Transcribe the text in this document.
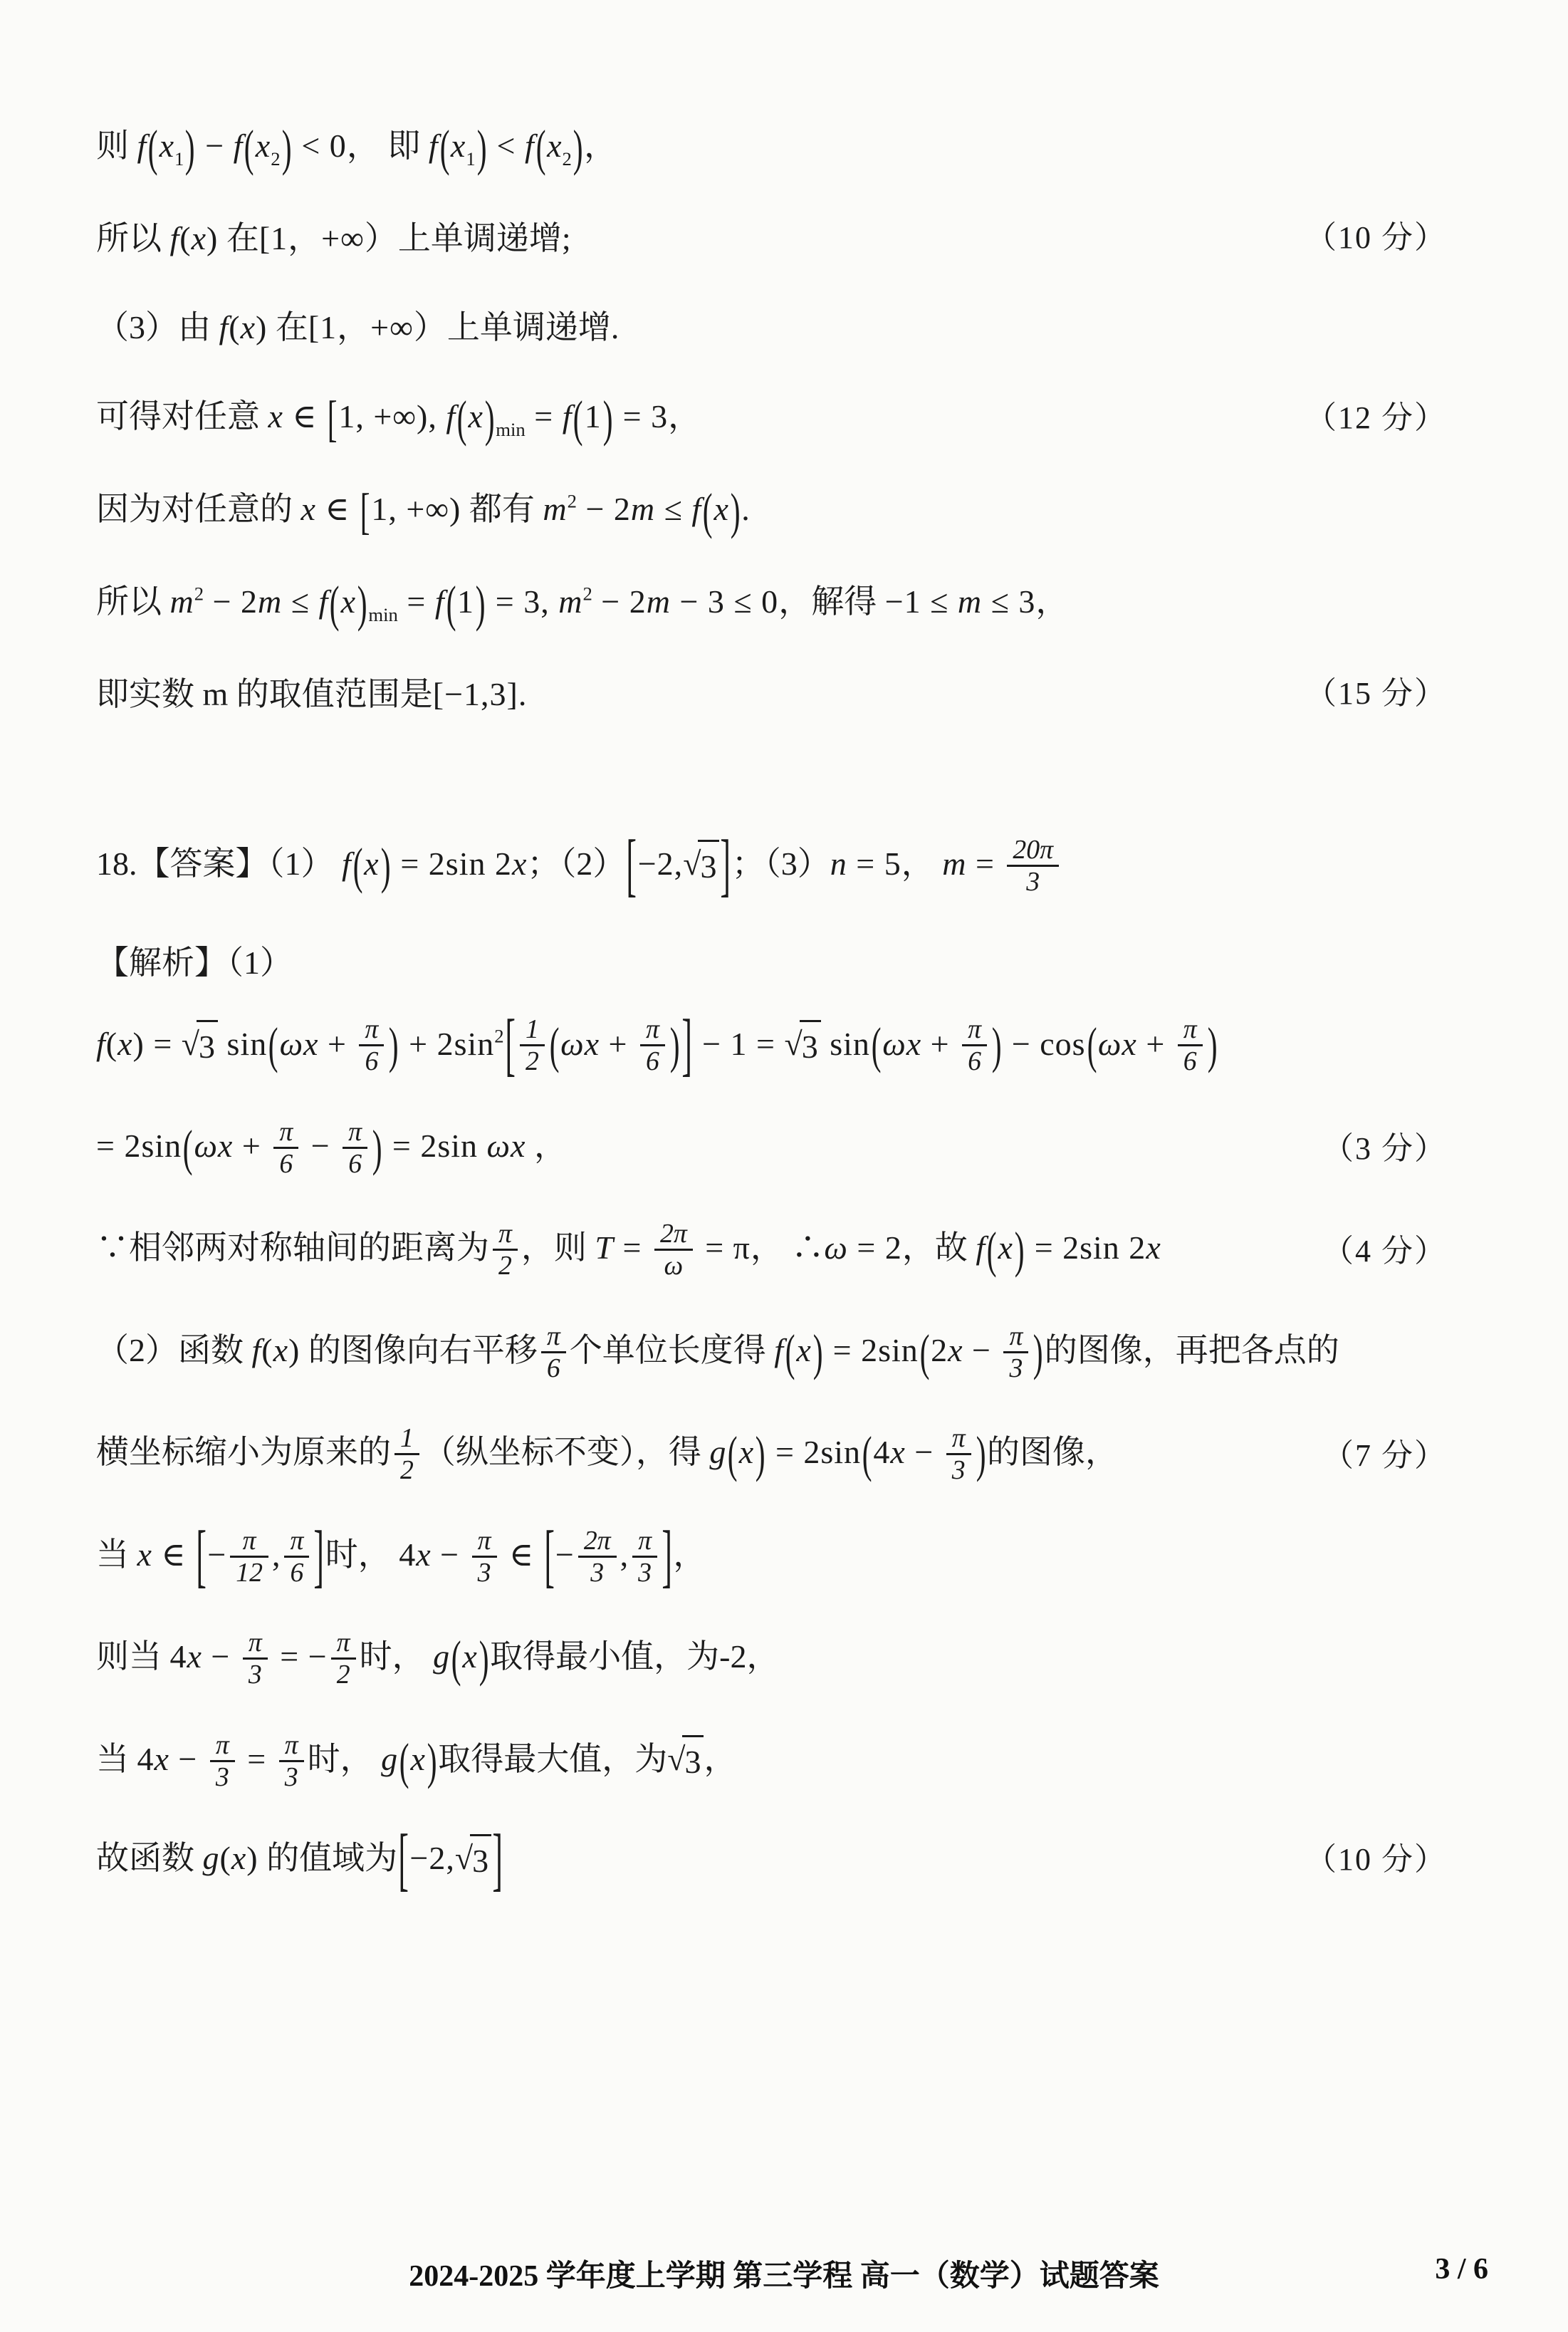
则 $f(x_1) - f(x_2) < 0$， 即 $f(x_1) < f(x_2)$，
所以 f(x) 在[1，+∞）上单调递增;	（10 分）
（3）由 f(x) 在[1，+∞）上单调递增.
可得对任意 x ∈ [1, +∞), $f(x)_{min} = f(1) = 3$，	（12 分）
因为对任意的 x ∈ [1, +∞) 都有 $m^2 - 2m \le f(x)$.
所以 $m^2 - 2m \le f(x)_{min} = f(1) = 3$, $m^2 - 2m - 3 \le 0$，解得 −1 ≤ m ≤ 3，
即实数 m 的取值范围是[−1,3].	（15 分）
18.【答案】（1） f(x) = 2sin 2x；（2）[−2, √ 3 ]；（3）n = 5， $m = \frac{20\pi}{3}$
【解析】（1）
f(x) = √ 3 $\sin(\omega x + \frac{\pi}{6}$ ) + $2\sin^2[ \frac{1}{2} (\omega x + \frac{\pi}{6}$ )] − 1 = √ 3 $\sin(\omega x + \frac{\pi}{6}$ ) − $\cos(\omega x + \frac{\pi}{6}$ )
= $2\sin(\omega x + \frac{\pi}{6} - \frac{\pi}{6}$ ) = 2sin ωx ，	（3 分）
∵相邻两对称轴间的距离为 $\frac{\pi}{2}$ ，则 $T = \frac{2\pi}{\omega} = \pi$， ∴ω = 2，故 f(x) = 2sin 2x	（4 分）
（2）函数 f(x) 的图像向右平移 $\frac{\pi}{6}$ 个单位长度得 $f(x) = 2\sin(2x - \frac{\pi}{3}$ )的图像，再把各点的
横坐标缩小为原来的 $\frac{1}{2}$ （纵坐标不变），得 $g(x) = 2\sin(4x - \frac{\pi}{3}$ )的图像，	（7 分）
当 x ∈ [− $\frac{\pi}{12}$ , $\frac{\pi}{6}$ ]时， $4x - \frac{\pi}{3}$ ∈ [− $\frac{2\pi}{3}$ , $\frac{\pi}{3}$ ]，
则当 $4x - \frac{\pi}{3}$ = − $\frac{\pi}{2}$ 时， g(x)取得最小值，为-2，
当 $4x - \frac{\pi}{3} = \frac{\pi}{3}$ 时， g(x)取得最大值，为 √ 3 ，
故函数 g(x) 的值域为[−2, √ 3 ]	（10 分）
2024-2025 学年度上学期 第三学程 高一（数学）试题答案	3 / 6
